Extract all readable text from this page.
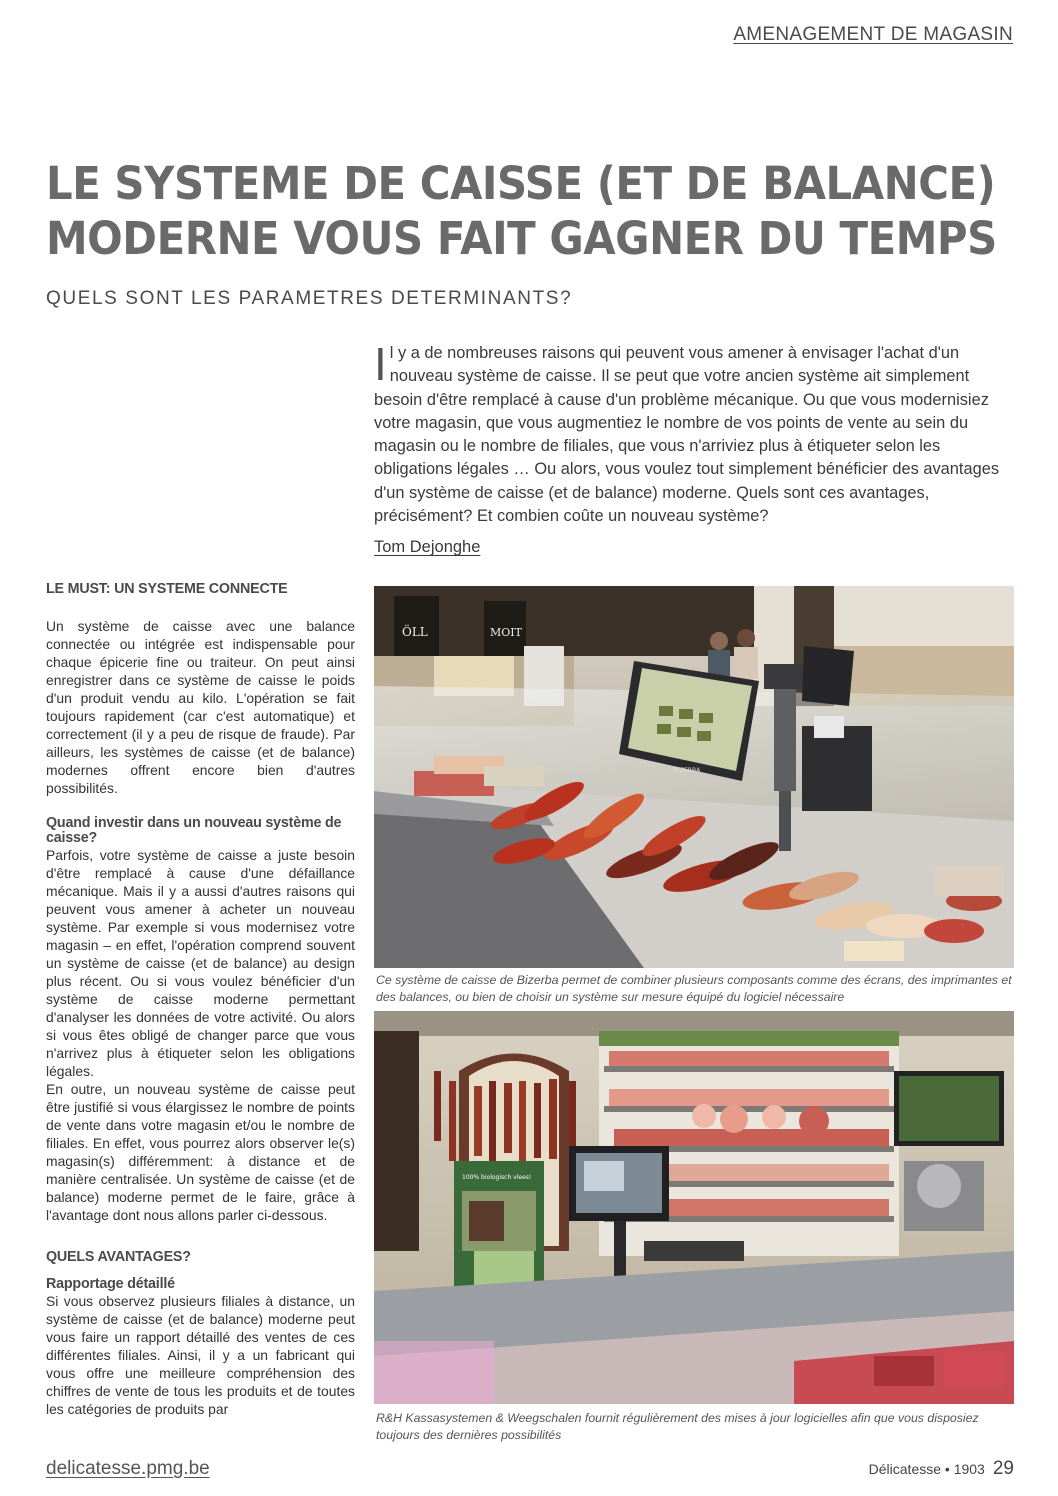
AMENAGEMENT DE MAGASIN
LE SYSTEME DE CAISSE (ET DE BALANCE)
MODERNE VOUS FAIT GAGNER DU TEMPS
QUELS SONT LES PARAMETRES DETERMINANTS?
I l y a de nombreuses raisons qui peuvent vous amener à envisager l'achat d'un nouveau système de caisse. Il se peut que votre ancien système ait simplement besoin d'être remplacé à cause d'un problème mécanique. Ou que vous modernisiez votre magasin, que vous augmentiez le nombre de vos points de vente au sein du magasin ou le nombre de filiales, que vous n'arriviez plus à étiqueter selon les obligations légales … Ou alors, vous voulez tout simplement bénéficier des avantages d'un système de caisse (et de balance) moderne. Quels sont ces avantages, précisément? Et combien coûte un nouveau système?
Tom Dejonghe
LE MUST: UN SYSTEME CONNECTE

Un système de caisse avec une balance connectée ou intégrée est indispensable pour chaque épicerie fine ou traiteur. On peut ainsi enregistrer dans ce système de caisse le poids d'un produit vendu au kilo. L'opération se fait toujours rapidement (car c'est automatique) et correctement (il y a peu de risque de fraude). Par ailleurs, les systèmes de caisse (et de balance) modernes offrent encore bien d'autres possibilités.

Quand investir dans un nouveau système de caisse?

Parfois, votre système de caisse a juste besoin d'être remplacé à cause d'une défaillance mécanique. Mais il y a aussi d'autres raisons qui peuvent vous amener à acheter un nouveau système. Par exemple si vous modernisez votre magasin – en effet, l'opération comprend souvent un système de caisse (et de balance) au design plus récent. Ou si vous voulez bénéficier d'un système de caisse moderne permettant d'analyser les données de votre activité. Ou alors si vous êtes obligé de changer parce que vous n'arrivez plus à étiqueter selon les obligations légales.

En outre, un nouveau système de caisse peut être justifié si vous élargissez le nombre de points de vente dans votre magasin et/ou le nombre de filiales. En effet, vous pourrez alors observer le(s) magasin(s) différemment: à distance et de manière centralisée. Un système de caisse (et de balance) moderne permet de le faire, grâce à l'avantage dont nous allons parler ci-dessous.

QUELS AVANTAGES?
Rapportage détaillé

Si vous observez plusieurs filiales à distance, un système de caisse (et de balance) moderne peut vous faire un rapport détaillé des ventes de ces différentes filiales. Ainsi, il y a un fabricant qui vous offre une meilleure compréhension des chiffres de vente de tous les produits et de toutes les catégories de produits par

ÖLL	MOIT
BIZERBA
Ce système de caisse de Bizerba permet de combiner plusieurs composants comme des écrans, des imprimantes et des balances, ou bien de choisir un système sur mesure équipé du logiciel nécessaire
100% biologisch vlees!
R&H Kassasystemen & Weegschalen fournit régulièrement des mises à jour logicielles afin que vous disposiez toujours des dernières possibilités
delicatesse.pmg.be	Délicatesse • 1903 29
